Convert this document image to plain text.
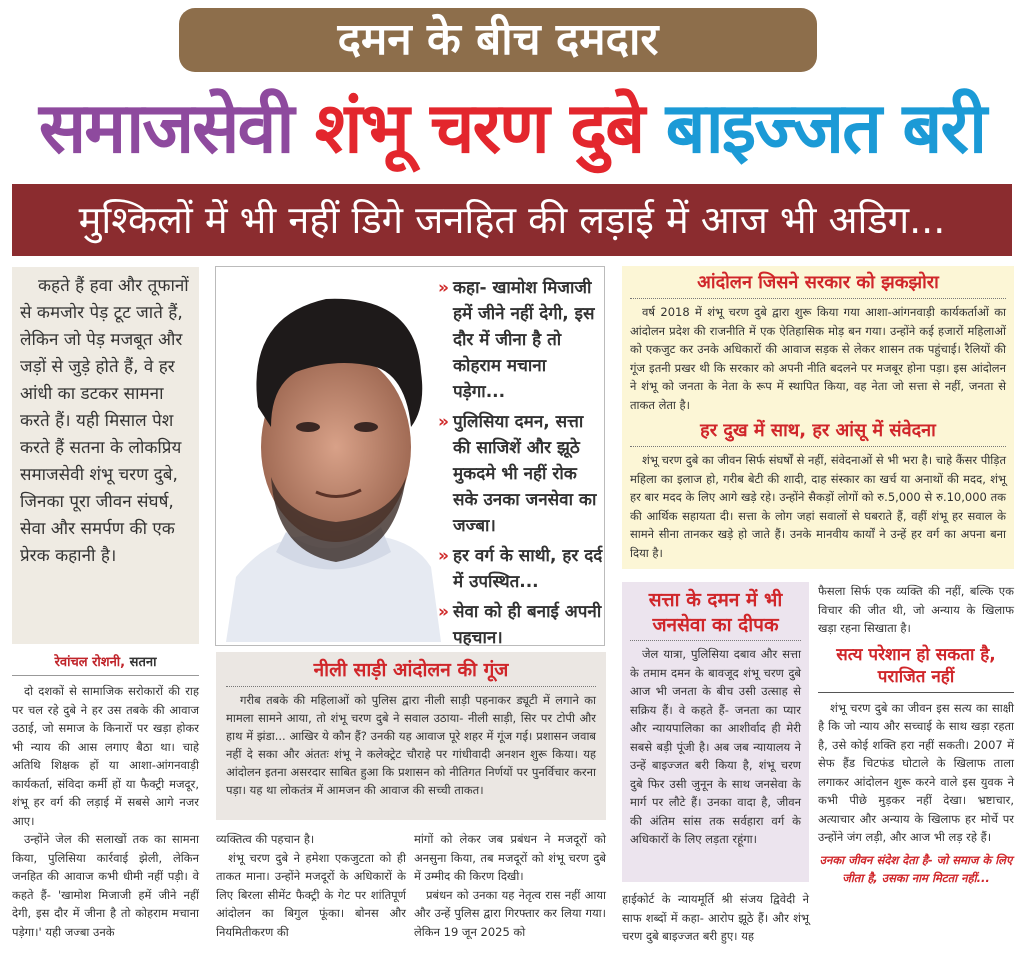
दमन के बीच दमदार
समाजसेवी शंभू चरण दुबे बाइज्जत बरी
मुश्किलों में भी नहीं डिगे जनहित की लड़ाई में आज भी अडिग...

कहते हैं हवा और तूफानों से कमजोर पेड़ टूट जाते हैं, लेकिन जो पेड़ मजबूत और जड़ों से जुड़े होते हैं, वे हर आंधी का डटकर सामना करते हैं। यही मिसाल पेश करते हैं सतना के लोकप्रिय समाजसेवी शंभू चरण दुबे, जिनका पूरा जीवन संघर्ष, सेवा और समर्पण की एक प्रेरक कहानी है।

रेवांचल रोशनी, सतना

दो दशकों से सामाजिक सरोकारों की राह पर चल रहे दुबे ने हर उस तबके की आवाज उठाई, जो समाज के किनारों पर खड़ा होकर भी न्याय की आस लगाए बैठा था। चाहे अतिथि शिक्षक हों या आशा-आंगनवाड़ी कार्यकर्ता, संविदा कर्मी हों या फैक्ट्री मजदूर, शंभू हर वर्ग की लड़ाई में सबसे आगे नजर आए।

उन्होंने जेल की सलाखों तक का सामना किया, पुलिसिया कार्रवाई झेली, लेकिन जनहित की आवाज कभी धीमी नहीं पड़ी। वे कहते हैं- 'खामोश मिजाजी हमें जीने नहीं देगी, इस दौर में जीना है तो कोहराम मचाना पड़ेगा।' यही जज्बा उनके

» कहा- खामोश मिजाजी हमें जीने नहीं देगी, इस दौर में जीना है तो कोहराम मचाना पड़ेगा...
» पुलिसिया दमन, सत्ता की साजिशें और झूठे मुकदमे भी नहीं रोक सके उनका जनसेवा का जज्बा।
» हर वर्ग के साथी, हर दर्द में उपस्थित...
» सेवा को ही बनाई अपनी पहचान।
नीली साड़ी आंदोलन की गूंज

गरीब तबके की महिलाओं को पुलिस द्वारा नीली साड़ी पहनाकर ड्यूटी में लगाने का मामला सामने आया, तो शंभू चरण दुबे ने सवाल उठाया- नीली साड़ी, सिर पर टोपी और हाथ में झंडा... आखिर ये कौन हैं? उनकी यह आवाज पूरे शहर में गूंज गई। प्रशासन जवाब नहीं दे सका और अंततः शंभू ने कलेक्ट्रेट चौराहे पर गांधीवादी अनशन शुरू किया। यह आंदोलन इतना असरदार साबित हुआ कि प्रशासन को नीतिगत निर्णयों पर पुनर्विचार करना पड़ा। यह था लोकतंत्र में आमजन की आवाज की सच्ची ताकत।

व्यक्तित्व की पहचान है।

शंभू चरण दुबे ने हमेशा एकजुटता को ही ताकत माना। उन्होंने मजदूरों के अधिकारों के लिए बिरला सीमेंट फैक्ट्री के गेट पर शांतिपूर्ण आंदोलन का बिगुल फूंका। बोनस और नियमितीकरण की

मांगों को लेकर जब प्रबंधन ने मजदूरों को अनसुना किया, तब मजदूरों को शंभू चरण दुबे में उम्मीद की किरण दिखी।

प्रबंधन को उनका यह नेतृत्व रास नहीं आया और उन्हें पुलिस द्वारा गिरफ्तार कर लिया गया। लेकिन 19 जून 2025 को

आंदोलन जिसने सरकार को झकझोरा

वर्ष 2018 में शंभू चरण दुबे द्वारा शुरू किया गया आशा-आंगनवाड़ी कार्यकर्ताओं का आंदोलन प्रदेश की राजनीति में एक ऐतिहासिक मोड़ बन गया। उन्होंने कई हजारों महिलाओं को एकजुट कर उनके अधिकारों की आवाज सड़क से लेकर शासन तक पहुंचाई। रैलियों की गूंज इतनी प्रखर थी कि सरकार को अपनी नीति बदलने पर मजबूर होना पड़ा। इस आंदोलन ने शंभू को जनता के नेता के रूप में स्थापित किया, वह नेता जो सत्ता से नहीं, जनता से ताकत लेता है।

हर दुख में साथ, हर आंसू में संवेदना

शंभू चरण दुबे का जीवन सिर्फ संघर्षों से नहीं, संवेदनाओं से भी भरा है। चाहे कैंसर पीड़ित महिला का इलाज हो, गरीब बेटी की शादी, दाह संस्कार का खर्च या अनाथों की मदद, शंभू हर बार मदद के लिए आगे खड़े रहे। उन्होंने सैकड़ों लोगों को रु.5,000 से रु.10,000 तक की आर्थिक सहायता दी। सत्ता के लोग जहां सवालों से घबराते हैं, वहीं शंभू हर सवाल के सामने सीना तानकर खड़े हो जाते हैं। उनके मानवीय कार्यों ने उन्हें हर वर्ग का अपना बना दिया है।

सत्ता के दमन में भी जनसेवा का दीपक

जेल यात्रा, पुलिसिया दबाव और सत्ता के तमाम दमन के बावजूद शंभू चरण दुबे आज भी जनता के बीच उसी उत्साह से सक्रिय हैं। वे कहते हैं- जनता का प्यार और न्यायपालिका का आशीर्वाद ही मेरी सबसे बड़ी पूंजी है। अब जब न्यायालय ने उन्हें बाइज्जत बरी किया है, शंभू चरण दुबे फिर उसी जुनून के साथ जनसेवा के मार्ग पर लौटे हैं। उनका वादा है, जीवन की अंतिम सांस तक सर्वहारा वर्ग के अधिकारों के लिए लड़ता रहूंगा।

हाईकोर्ट के न्यायमूर्ति श्री संजय द्विवेदी ने साफ शब्दों में कहा- आरोप झूठे हैं। और शंभू चरण दुबे बाइज्जत बरी हुए। यह

फैसला सिर्फ एक व्यक्ति की नहीं, बल्कि एक विचार की जीत थी, जो अन्याय के खिलाफ खड़ा रहना सिखाता है।

सत्य परेशान हो सकता है, पराजित नहीं

शंभू चरण दुबे का जीवन इस सत्य का साक्षी है कि जो न्याय और सच्चाई के साथ खड़ा रहता है, उसे कोई शक्ति हरा नहीं सकती। 2007 में सेफ हैंड चिटफंड घोटाले के खिलाफ ताला लगाकर आंदोलन शुरू करने वाले इस युवक ने कभी पीछे मुड़कर नहीं देखा। भ्रष्टाचार, अत्याचार और अन्याय के खिलाफ हर मोर्चे पर उन्होंने जंग लड़ी, और आज भी लड़ रहे हैं।

उनका जीवन संदेश देता है- जो समाज के लिए जीता है, उसका नाम मिटता नहीं...
